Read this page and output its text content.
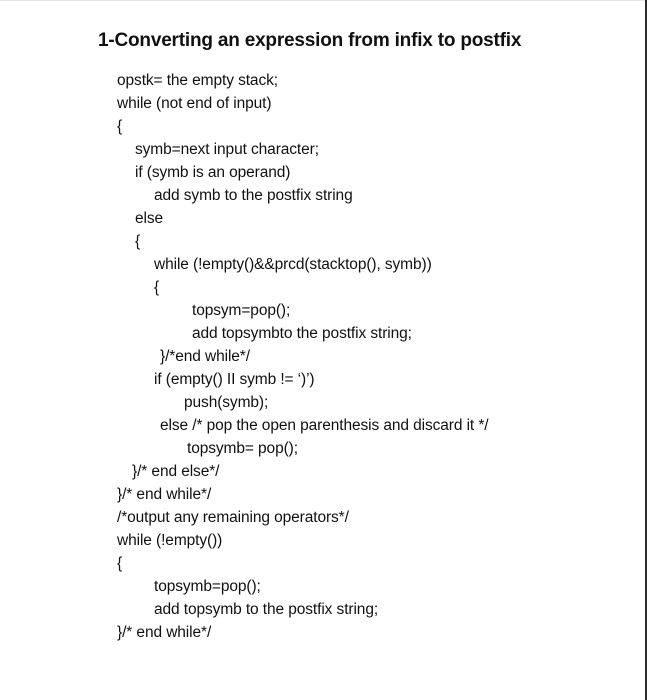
1-Converting an expression from infix to postfix
opstk= the empty stack;
while (not end of input)
{
symb=next input character;
if (symb is an operand)
add symb to the postfix string
else
{
while (!empty()&&prcd(stacktop(), symb))
{
topsym=pop();
add topsymbto the postfix string;
}/*end while*/
if (empty() II symb != ‘)’)
push(symb);
else /* pop the open parenthesis and discard it */
topsymb= pop();
}/* end else*/
}/* end while*/
/*output any remaining operators*/
while (!empty())
{
topsymb=pop();
add topsymb to the postfix string;
}/* end while*/
